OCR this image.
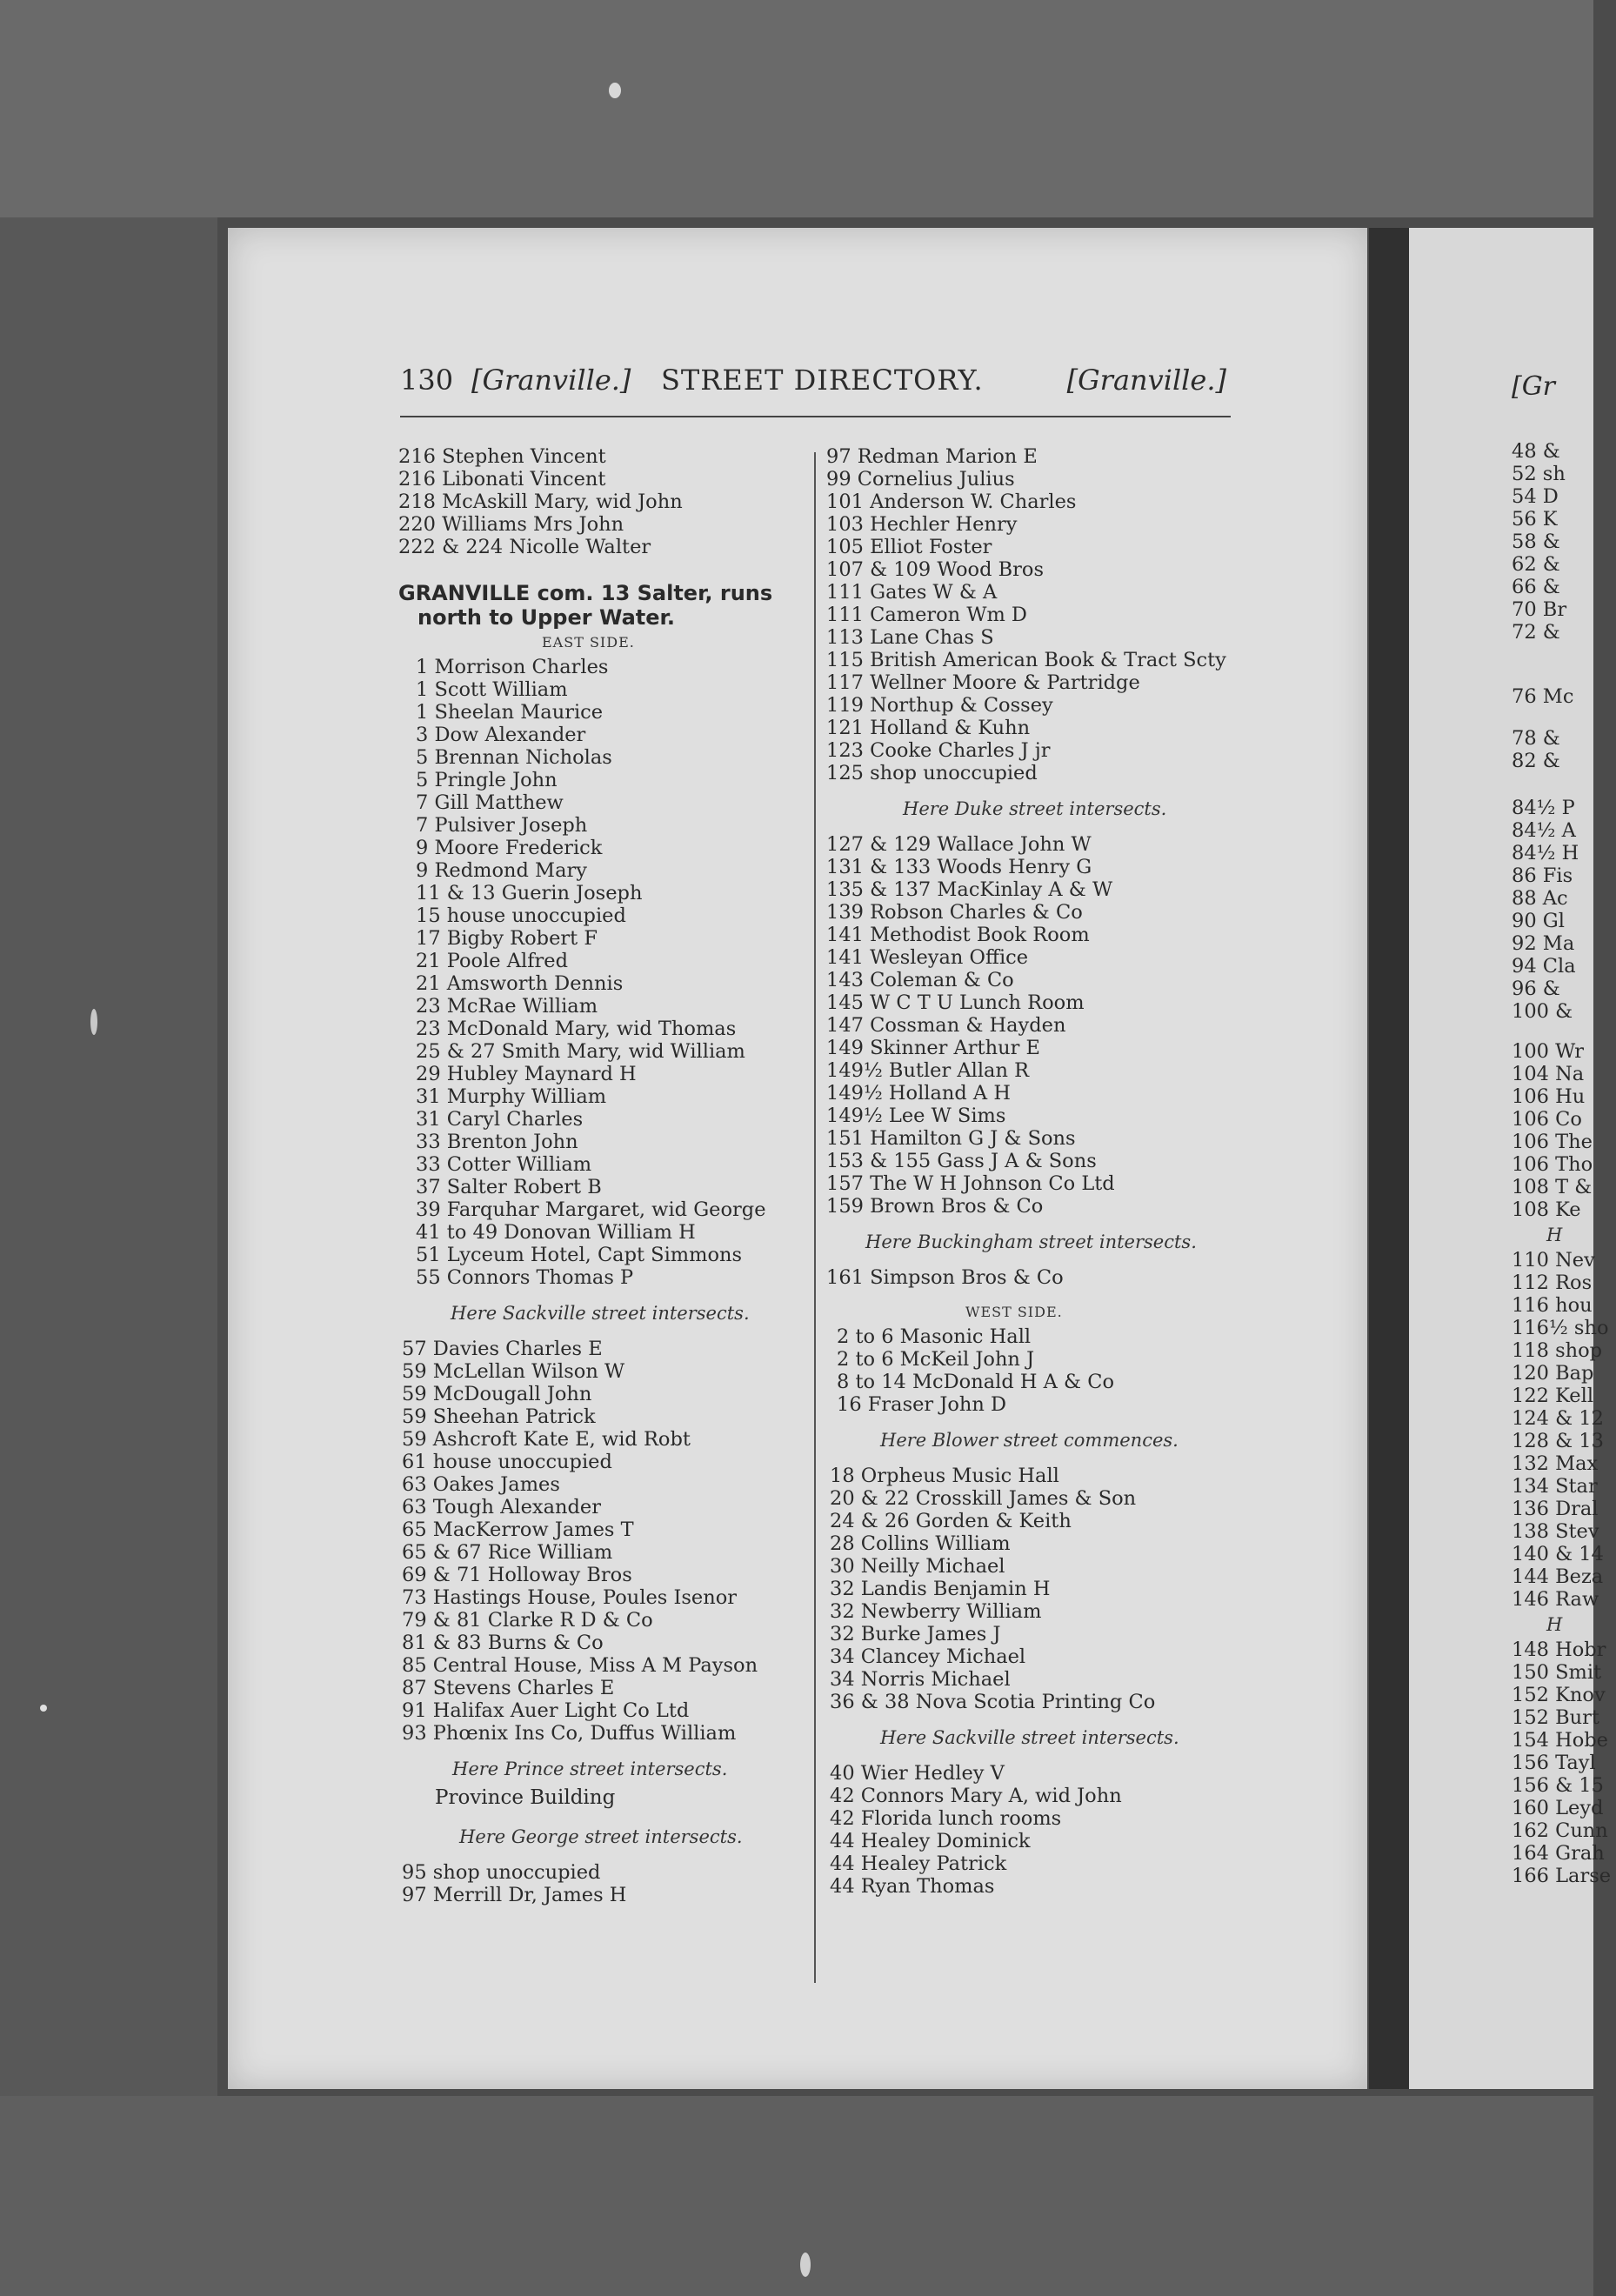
130 [Granville.] STREET DIRECTORY.	[Granville.]
216 Stephen Vincent
216 Libonati Vincent
218 McAskill Mary, wid John
220 Williams Mrs John
222 & 224 Nicolle Walter
GRANVILLE com. 13 Salter, runs
north to Upper Water.
EAST SIDE.
1 Morrison Charles
1 Scott William
1 Sheelan Maurice
3 Dow Alexander
5 Brennan Nicholas
5 Pringle John
7 Gill Matthew
7 Pulsiver Joseph
9 Moore Frederick
9 Redmond Mary
11 & 13 Guerin Joseph
15 house unoccupied
17 Bigby Robert F
21 Poole Alfred
21 Amsworth Dennis
23 McRae William
23 McDonald Mary, wid Thomas
25 & 27 Smith Mary, wid William
29 Hubley Maynard H
31 Murphy William
31 Caryl Charles
33 Brenton John
33 Cotter William
37 Salter Robert B
39 Farquhar Margaret, wid George
41 to 49 Donovan William H
51 Lyceum Hotel, Capt Simmons
55 Connors Thomas P
Here Sackville street intersects.
57 Davies Charles E
59 McLellan Wilson W
59 McDougall John
59 Sheehan Patrick
59 Ashcroft Kate E, wid Robt
61 house unoccupied
63 Oakes James
63 Tough Alexander
65 MacKerrow James T
65 & 67 Rice William
69 & 71 Holloway Bros
73 Hastings House, Poules Isenor
79 & 81 Clarke R D & Co
81 & 83 Burns & Co
85 Central House, Miss A M Payson
87 Stevens Charles E
91 Halifax Auer Light Co Ltd
93 Phœnix Ins Co, Duffus William
Here Prince street intersects.
Province Building
Here George street intersects.
95 shop unoccupied
97 Merrill Dr, James H
97 Redman Marion E
99 Cornelius Julius
101 Anderson W. Charles
103 Hechler Henry
105 Elliot Foster
107 & 109 Wood Bros
111 Gates W & A
111 Cameron Wm D
113 Lane Chas S
115 British American Book & Tract Scty
117 Wellner Moore & Partridge
119 Northup & Cossey
121 Holland & Kuhn
123 Cooke Charles J jr
125 shop unoccupied
Here Duke street intersects.
127 & 129 Wallace John W
131 & 133 Woods Henry G
135 & 137 MacKinlay A & W
139 Robson Charles & Co
141 Methodist Book Room
141 Wesleyan Office
143 Coleman & Co
145 W C T U Lunch Room
147 Cossman & Hayden
149 Skinner Arthur E
149½ Butler Allan R
149½ Holland A H
149½ Lee W Sims
151 Hamilton G J & Sons
153 & 155 Gass J A & Sons
157 The W H Johnson Co Ltd
159 Brown Bros & Co
Here Buckingham street intersects.
161 Simpson Bros & Co
WEST SIDE.
2 to 6 Masonic Hall
2 to 6 McKeil John J
8 to 14 McDonald H A & Co
16 Fraser John D
Here Blower street commences.
18 Orpheus Music Hall
20 & 22 Crosskill James & Son
24 & 26 Gorden & Keith
28 Collins William
30 Neilly Michael
32 Landis Benjamin H
32 Newberry William
32 Burke James J
34 Clancey Michael
34 Norris Michael
36 & 38 Nova Scotia Printing Co
Here Sackville street intersects.
40 Wier Hedley V
42 Connors Mary A, wid John
42 Florida lunch rooms
44 Healey Dominick
44 Healey Patrick
44 Ryan Thomas
[Gr
48 &
52 sh
54 D
56 K
58 &
62 &
66 &
70 Br
72 &
76 Mc
78 &
82 &
84½ P
84½ A
84½ H
86 Fis
88 Ac
90 Gl
92 Ma
94 Cla
96 &
100 &
100 Wr
104 Na
106 Hu
106 Co
106 The
106 Tho
108 T &
108 Ke
H
110 Nev
112 Ros
116 hou
116½ sho
118 shop
120 Bap
122 Kell
124 & 12
128 & 13
132 Max
134 Star
136 Dral
138 Stev
140 & 14
144 Beza
146 Raw
H
148 Hobr
150 Smit
152 Knov
152 Burt
154 Hobe
156 Tayl
156 & 15
160 Leyd
162 Cunn
164 Grah
166 Larse
